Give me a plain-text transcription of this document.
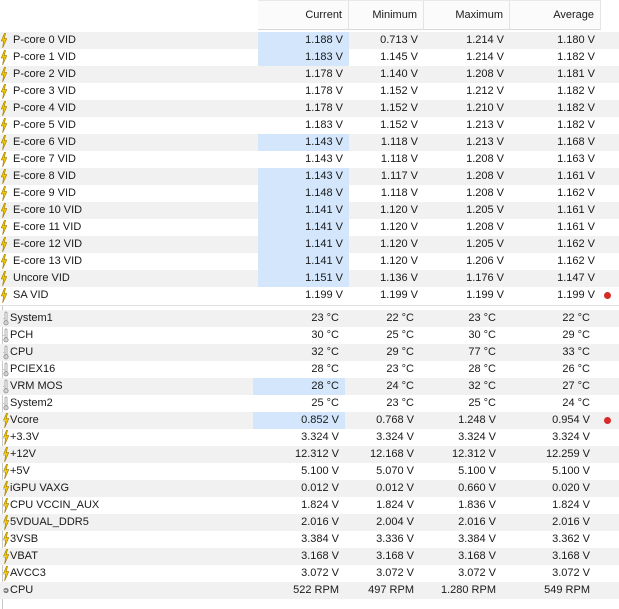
Current	Minimum	Maximum	Average
P-core 0 VID	1.188 V	0.713 V	1.214 V	1.180 V
P-core 1 VID	1.183 V	1.145 V	1.214 V	1.182 V
P-core 2 VID	1.178 V	1.140 V	1.208 V	1.181 V
P-core 3 VID	1.178 V	1.152 V	1.212 V	1.182 V
P-core 4 VID	1.178 V	1.152 V	1.210 V	1.182 V
P-core 5 VID	1.183 V	1.152 V	1.213 V	1.182 V
E-core 6 VID	1.143 V	1.118 V	1.213 V	1.168 V
E-core 7 VID	1.143 V	1.118 V	1.208 V	1.163 V
E-core 8 VID	1.143 V	1.117 V	1.208 V	1.161 V
E-core 9 VID	1.148 V	1.118 V	1.208 V	1.162 V
E-core 10 VID	1.141 V	1.120 V	1.205 V	1.161 V
E-core 11 VID	1.141 V	1.120 V	1.208 V	1.161 V
E-core 12 VID	1.141 V	1.120 V	1.205 V	1.162 V
E-core 13 VID	1.141 V	1.120 V	1.206 V	1.162 V
Uncore VID	1.151 V	1.136 V	1.176 V	1.147 V
SA VID	1.199 V	1.199 V	1.199 V	1.199 V
System1	23 °C	22 °C	23 °C	22 °C
PCH	30 °C	25 °C	30 °C	29 °C
CPU	32 °C	29 °C	77 °C	33 °C
PCIEX16	28 °C	23 °C	28 °C	26 °C
VRM MOS	28 °C	24 °C	32 °C	27 °C
System2	25 °C	23 °C	25 °C	24 °C
Vcore	0.852 V	0.768 V	1.248 V	0.954 V
+3.3V	3.324 V	3.324 V	3.324 V	3.324 V
+12V	12.312 V	12.168 V	12.312 V	12.259 V
+5V	5.100 V	5.070 V	5.100 V	5.100 V
iGPU VAXG	0.012 V	0.012 V	0.660 V	0.020 V
CPU VCCIN_AUX	1.824 V	1.824 V	1.836 V	1.824 V
5VDUAL_DDR5	2.016 V	2.004 V	2.016 V	2.016 V
3VSB	3.384 V	3.336 V	3.384 V	3.362 V
VBAT	3.168 V	3.168 V	3.168 V	3.168 V
AVCC3	3.072 V	3.072 V	3.072 V	3.072 V
CPU	522 RPM	497 RPM	1.280 RPM	549 RPM
